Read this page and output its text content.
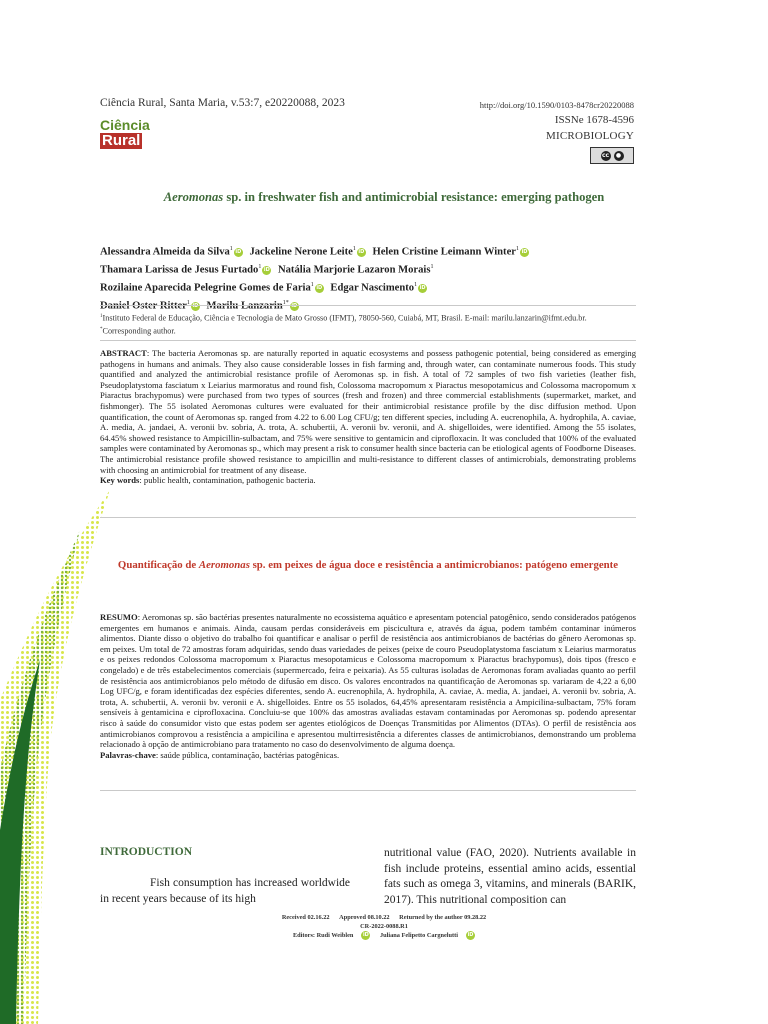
Ciência Rural, Santa Maria, v.53:7, e20220088, 2023	http://doi.org/10.1590/0103-8478cr20220088
ISSNe 1678-4596
MICROBIOLOGY
cc	●
Ciência
Rural
Aeromonas sp. in freshwater fish and antimicrobial resistance: emerging pathogen
Alessandra Almeida da Silva$^1$ iD Jackeline Nerone Leite$^1$ iD Helen Cristine Leimann Winter$^1$ iD
Thamara Larissa de Jesus Furtado$^1$ iD Natália Marjorie Lazaron Morais$^1$
Rozilaine Aparecida Pelegrine Gomes de Faria$^1$ iD Edgar Nascimento$^1$ iD
Daniel Oster Ritter$^1$ iD Marilu Lanzarin$^{1*}$ iD
$^1$Instituto Federal de Educação, Ciência e Tecnologia de Mato Grosso (IFMT), 78050-560, Cuiabá, MT, Brasil. E-mail: marilu.lanzarin@ifmt.edu.br.
*Corresponding author.
ABSTRACT: The bacteria Aeromonas sp. are naturally reported in aquatic ecosystems and possess pathogenic potential, being considered as emerging pathogens in humans and animals. They also cause considerable losses in fish farming and, through water, can contaminate numerous foods. This study quantified and analyzed the antimicrobial resistance profile of Aeromonas sp. in fish. A total of 72 samples of two fish varieties (leather fish, Pseudoplatystoma fasciatum x Leiarius marmoratus and round fish, Colossoma macropomum x Piaractus mesopotamicus and Colossoma macropomum x Piaractus brachypomus) were purchased from two types of sources (fresh and frozen) and three commercial establishments (supermarket, market, and fishmonger). The 55 isolated Aeromonas cultures were evaluated for their antimicrobial resistance profile by the disc diffusion method. Upon quantification, the count of Aeromonas sp. ranged from 4.22 to 6.00 Log CFU/g; ten different species, including A. eucrenophila, A. hydrophila, A. caviae, A. media, A. jandaei, A. veronii bv. sobria, A. trota, A. schubertii, A. veronii bv. veronii, and A. shigelloides, were identified. Among the 55 isolates, 64.45% showed resistance to Ampicillin-sulbactam, and 75% were sensitive to gentamicin and ciprofloxacin. It was concluded that 100% of the evaluated samples were contaminated by Aeromonas sp., which may present a risk to consumer health since bacteria can be etiological agents of Foodborne Diseases. The antimicrobial resistance profile showed resistance to ampicillin and multi-resistance to different classes of antimicrobials, demonstrating problems with choosing an antimicrobial for treatment of any disease.
Key words: public health, contamination, pathogenic bacteria.
Quantificação de Aeromonas sp. em peixes de água doce e resistência a antimicrobianos: patógeno emergente
RESUMO: Aeromonas sp. são bactérias presentes naturalmente no ecossistema aquático e apresentam potencial patogênico, sendo considerados patógenos emergentes em humanos e animais. Ainda, causam perdas consideráveis em piscicultura e, através da água, podem também contaminar inúmeros alimentos. Diante disso o objetivo do trabalho foi quantificar e analisar o perfil de resistência aos antimicrobianos de bactérias do gênero Aeromonas sp. em peixes. Um total de 72 amostras foram adquiridas, sendo duas variedades de peixes (peixe de couro Pseudoplatystoma fasciatum x Leiarius marmoratus e os peixes redondos Colossoma macropomum x Piaractus mesopotamicus e Colossoma macropomum x Piaractus brachypomus), dois tipos (fresco e congelado) e de três estabelecimentos comerciais (supermercado, feira e peixaria). As 55 culturas isoladas de Aeromonas foram avaliadas quanto ao perfil de resistência aos antimicrobianos pelo método de difusão em disco. Os valores encontrados na quantificação de Aeromonas sp. variaram de 4,22 a 6,00 Log UFC/g, e foram identificadas dez espécies diferentes, sendo A. eucrenophila, A. hydrophila, A. caviae, A. media, A. jandaei, A. veronii bv. sobria, A. trota, A. schubertii, A. veronii bv. veronii e A. shigelloides. Entre os 55 isolados, 64,45% apresentaram resistência a Ampicilina-sulbactam, 75% foram sensíveis à gentamicina e ciprofloxacina. Concluiu-se que 100% das amostras avaliadas estavam contaminadas por Aeromonas sp. podendo apresentar risco à saúde do consumidor visto que estas podem ser agentes etiológicos de Doenças Transmitidas por Alimentos (DTAs). O perfil de resistência aos antimicrobianos comprovou a resistência a ampicilina e apresentou multirresistência a diferentes classes de antimicrobianos, demonstrando um problema relacionado à opção de antimicrobiano para tratamento no caso do desenvolvimento de alguma doença.
Palavras-chave: saúde pública, contaminação, bactérias patogênicas.
INTRODUCTION

Fish consumption has increased worldwide in recent years because of its high

nutritional value (FAO, 2020). Nutrients available in fish include proteins, essential amino acids, essential fats such as omega 3, vitamins, and minerals (BARIK, 2017). This nutritional composition can

Received 02.16.22 Approved 08.10.22 Returned by the author 09.28.22
CR-2022-0088.R1
Editors: Rudi Weiblen iD Juliana Felipetto Cargnelutti iD
